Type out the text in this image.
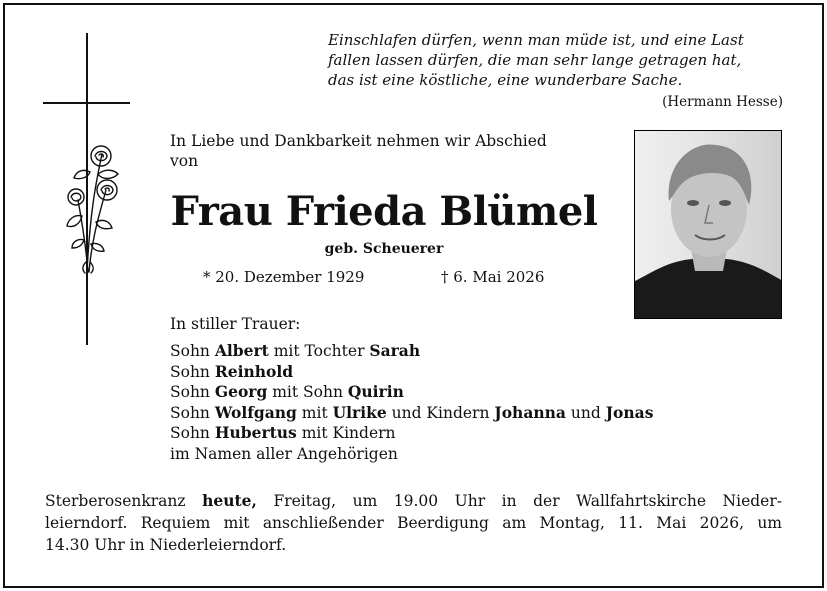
Einschlafen dürfen, wenn man müde ist, und eine Last
fallen lassen dürfen, die man sehr lange getragen hat,
das ist eine köstliche, eine wunderbare Sache.
(Hermann Hesse)
In Liebe und Dankbarkeit nehmen wir Abschied
von
Frau Frieda Blümel
geb. Scheuerer
* 20. Dezember 1929	† 6. Mai 2026
In stiller Trauer:
Sohn Albert mit Tochter Sarah
Sohn Reinhold
Sohn Georg mit Sohn Quirin
Sohn Wolfgang mit Ulrike und Kindern Johanna und Jonas
Sohn Hubertus mit Kindern
im Namen aller Angehörigen
Sterberosenkranz heute, Freitag, um 19.00 Uhr in der Wallfahrtskirche Nieder-
leierndorf. Requiem mit anschließender Beerdigung am Montag, 11. Mai 2026, um
14.30 Uhr in Niederleierndorf.
